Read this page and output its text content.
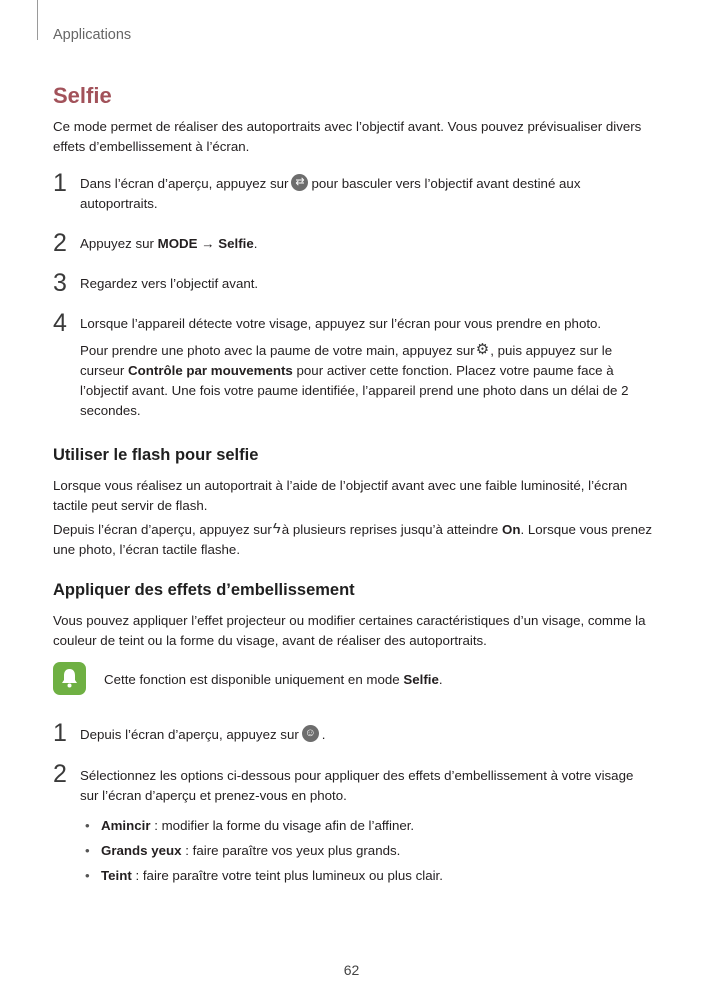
Applications
Selfie
Ce mode permet de réaliser des autoportraits avec l’objectif avant. Vous pouvez prévisualiser divers effets d’embellissement à l’écran.
1 Dans l’écran d’aperçu, appuyez sur ⇄ pour basculer vers l’objectif avant destiné aux autoportraits.
2 Appuyez sur MODE → Selfie.
3 Regardez vers l’objectif avant.
4 Lorsque l’appareil détecte votre visage, appuyez sur l’écran pour vous prendre en photo.
Pour prendre une photo avec la paume de votre main, appuyez sur⚙, puis appuyez sur le curseur Contrôle par mouvements pour activer cette fonction. Placez votre paume face à l’objectif avant. Une fois votre paume identifiée, l’appareil prend une photo dans un délai de 2 secondes.
Utiliser le flash pour selfie
Lorsque vous réalisez un autoportrait à l’aide de l’objectif avant avec une faible luminosité, l’écran tactile peut servir de flash.
Depuis l’écran d’aperçu, appuyez surϟà plusieurs reprises jusqu’à atteindre On. Lorsque vous prenez une photo, l’écran tactile flashe.
Appliquer des effets d’embellissement
Vous pouvez appliquer l’effet projecteur ou modifier certaines caractéristiques d’un visage, comme la couleur de teint ou la forme du visage, avant de réaliser des autoportraits.
Cette fonction est disponible uniquement en mode Selfie.
1 Depuis l’écran d’aperçu, appuyez sur ☺ .
2 Sélectionnez les options ci-dessous pour appliquer des effets d’embellissement à votre visage sur l’écran d’aperçu et prenez-vous en photo.
• Amincir : modifier la forme du visage afin de l’affiner.
• Grands yeux : faire paraître vos yeux plus grands.
• Teint : faire paraître votre teint plus lumineux ou plus clair.
62
